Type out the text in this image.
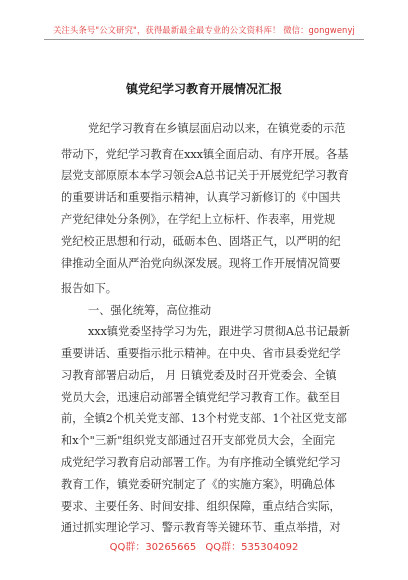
关注头条号"公文研究"，获得最新最全最专业的公文资料库！ 微信：gongwenyj
镇党纪学习教育开展情况汇报
党纪学习教育在乡镇层面启动以来，在镇党委的示范
带动下，党纪学习教育在xxx镇全面启动、有序开展。各基
层党支部原原本本学习领会A总书记关于开展党纪学习教育
的重要讲话和重要指示精神，认真学习新修订的《中国共
产党纪律处分条例》，在学纪上立标杆、作表率，用党规
党纪校正思想和行动，砥砺本色、固塔正气，以严明的纪
律推动全面从严治党向纵深发展。现将工作开展情况简要
报告如下。
一、强化统筹，高位推动
xxx镇党委坚持学习为先，跟进学习贯彻A总书记最新
重要讲话、重要指示批示精神。在中央、省市县委党纪学
习教育部署启动后， 月 日镇党委及时召开党委会、全镇
党员大会，迅速启动部署全镇党纪学习教育工作。截至目
前，全镇2个机关党支部、13个村党支部、1个社区党支部
和x个"三新"组织党支部通过召开支部党员大会，全面完
成党纪学习教育启动部署工作。为有序推动全镇党纪学习
教育工作，镇党委研究制定了《的实施方案》，明确总体
要求、主要任务、时间安排、组织保障，重点结合实际，
通过抓实理论学习、警示教育等关键环节、重点举措，对
QQ群：30265665 QQ群：535304092
